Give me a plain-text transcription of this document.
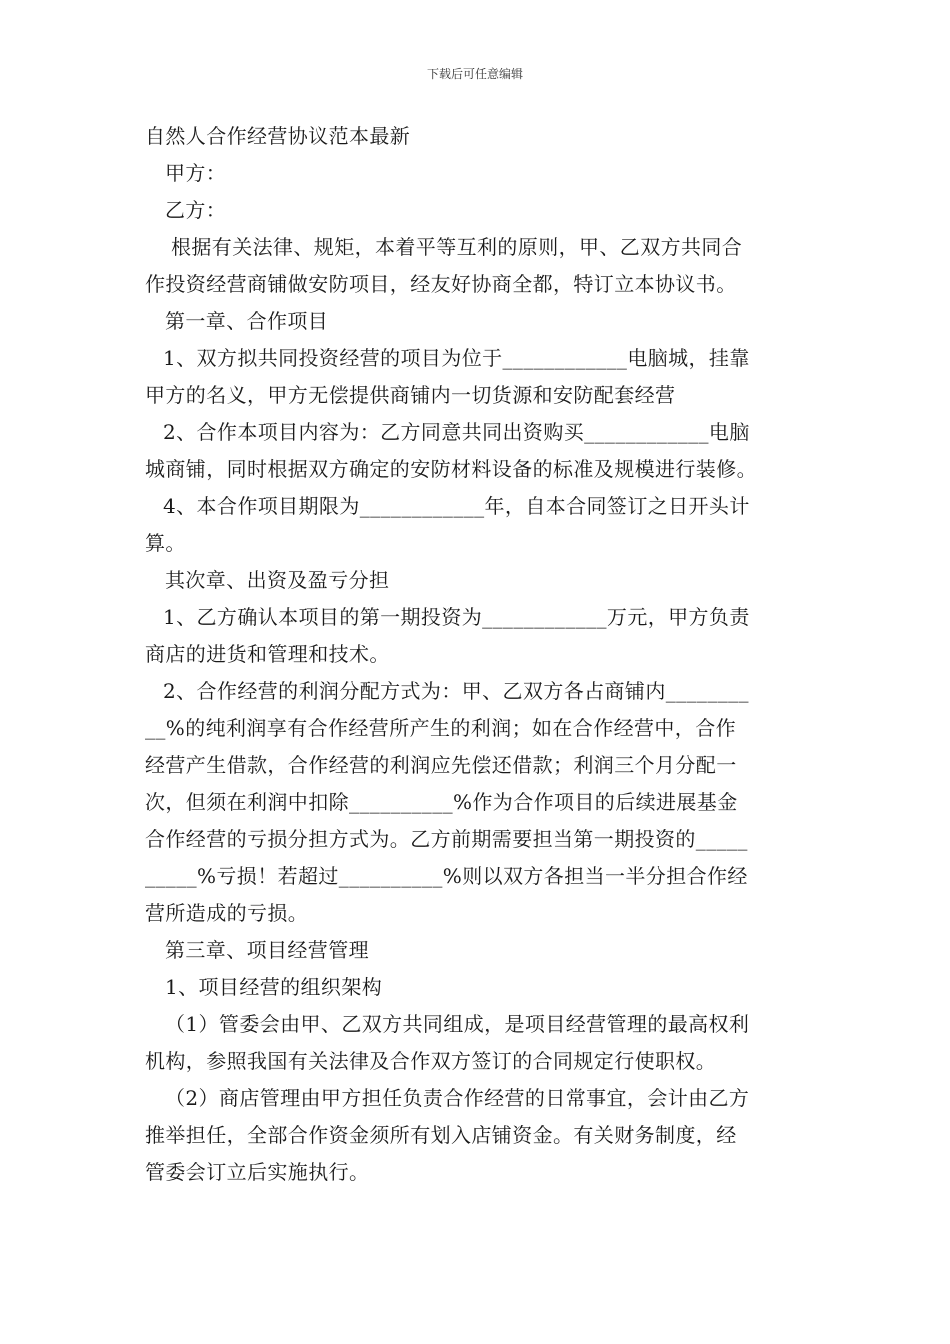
下载后可任意编辑
自然人合作经营协议范本最新
甲方：
乙方：
根据有关法律、规矩，本着平等互利的原则，甲、乙双方共同合
作投资经营商铺做安防项目，经友好协商全都，特订立本协议书。
第一章、合作项目
1、双方拟共同投资经营的项目为位于____________电脑城，挂靠
甲方的名义，甲方无偿提供商铺内一切货源和安防配套经营
2、合作本项目内容为：乙方同意共同出资购买____________电脑
城商铺，同时根据双方确定的安防材料设备的标准及规模进行装修。
4、本合作项目期限为____________年，自本合同签订之日开头计
算。
其次章、出资及盈亏分担
1、乙方确认本项目的第一期投资为____________万元，甲方负责
商店的进货和管理和技术。
2、合作经营的利润分配方式为：甲、乙双方各占商铺内________
__%的纯利润享有合作经营所产生的利润；如在合作经营中，合作
经营产生借款，合作经营的利润应先偿还借款；利润三个月分配一
次，但须在利润中扣除__________%作为合作项目的后续进展基金
合作经营的亏损分担方式为。乙方前期需要担当第一期投资的_____
_____%亏损！若超过__________%则以双方各担当一半分担合作经
营所造成的亏损。
第三章、项目经营管理
1、项目经营的组织架构
（1）管委会由甲、乙双方共同组成，是项目经营管理的最高权利
机构，参照我国有关法律及合作双方签订的合同规定行使职权。
（2）商店管理由甲方担任负责合作经营的日常事宜，会计由乙方
推举担任，全部合作资金须所有划入店铺资金。有关财务制度，经
管委会订立后实施执行。
